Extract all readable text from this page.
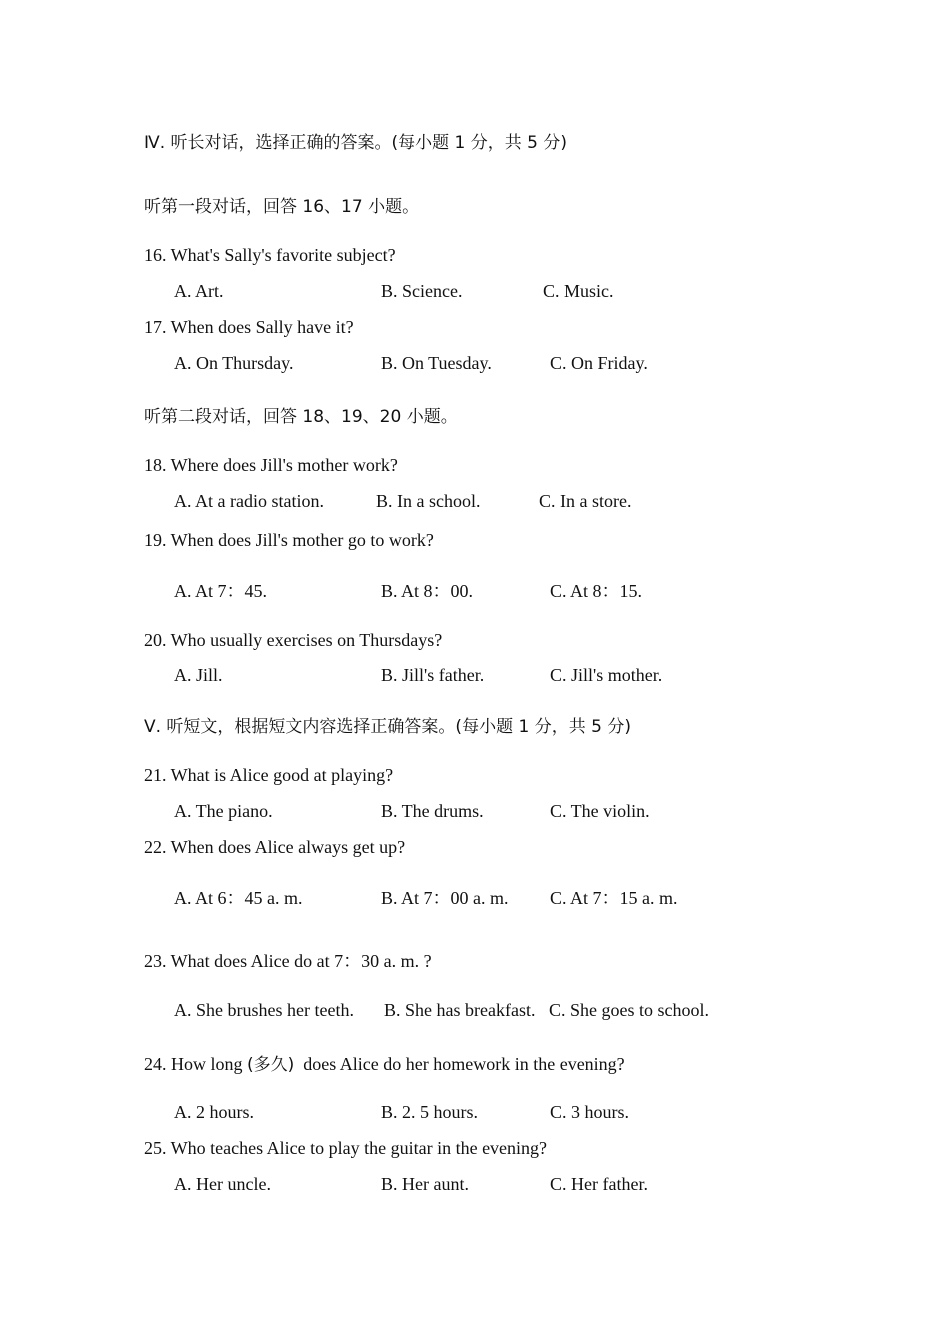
Ⅳ. 听长对话，选择正确的答案。(每小题 1 分，共 5 分)
听第一段对话，回答 16、17 小题。
16. What's Sally's favorite subject?
A. Art.	B. Science.	C. Music.
17. When does Sally have it?
A. On Thursday.	B. On Tuesday.	C. On Friday.
听第二段对话，回答 18、19、20 小题。
18. Where does Jill's mother work?
A. At a radio station.	B. In a school.	C. In a store.
19. When does Jill's mother go to work?
A. At 7：45.	B. At 8：00.	C. At 8：15.
20. Who usually exercises on Thursdays?
A. Jill.	B. Jill's father.	C. Jill's mother.
Ⅴ. 听短文，根据短文内容选择正确答案。(每小题 1 分，共 5 分)
21. What is Alice good at playing?
A. The piano.	B. The drums.	C. The violin.
22. When does Alice always get up?
A. At 6：45 a. m.	B. At 7：00 a. m. C. At 7：15 a. m.
23. What does Alice do at 7：30 a. m. ?
A. She brushes her teeth. B. She has breakfast. C. She goes to school.
24. How long (多久)  does Alice do her homework in the evening?
A. 2 hours.	B. 2. 5 hours.	C. 3 hours.
25. Who teaches Alice to play the guitar in the evening?
A. Her uncle.	B. Her aunt.	C. Her father.
